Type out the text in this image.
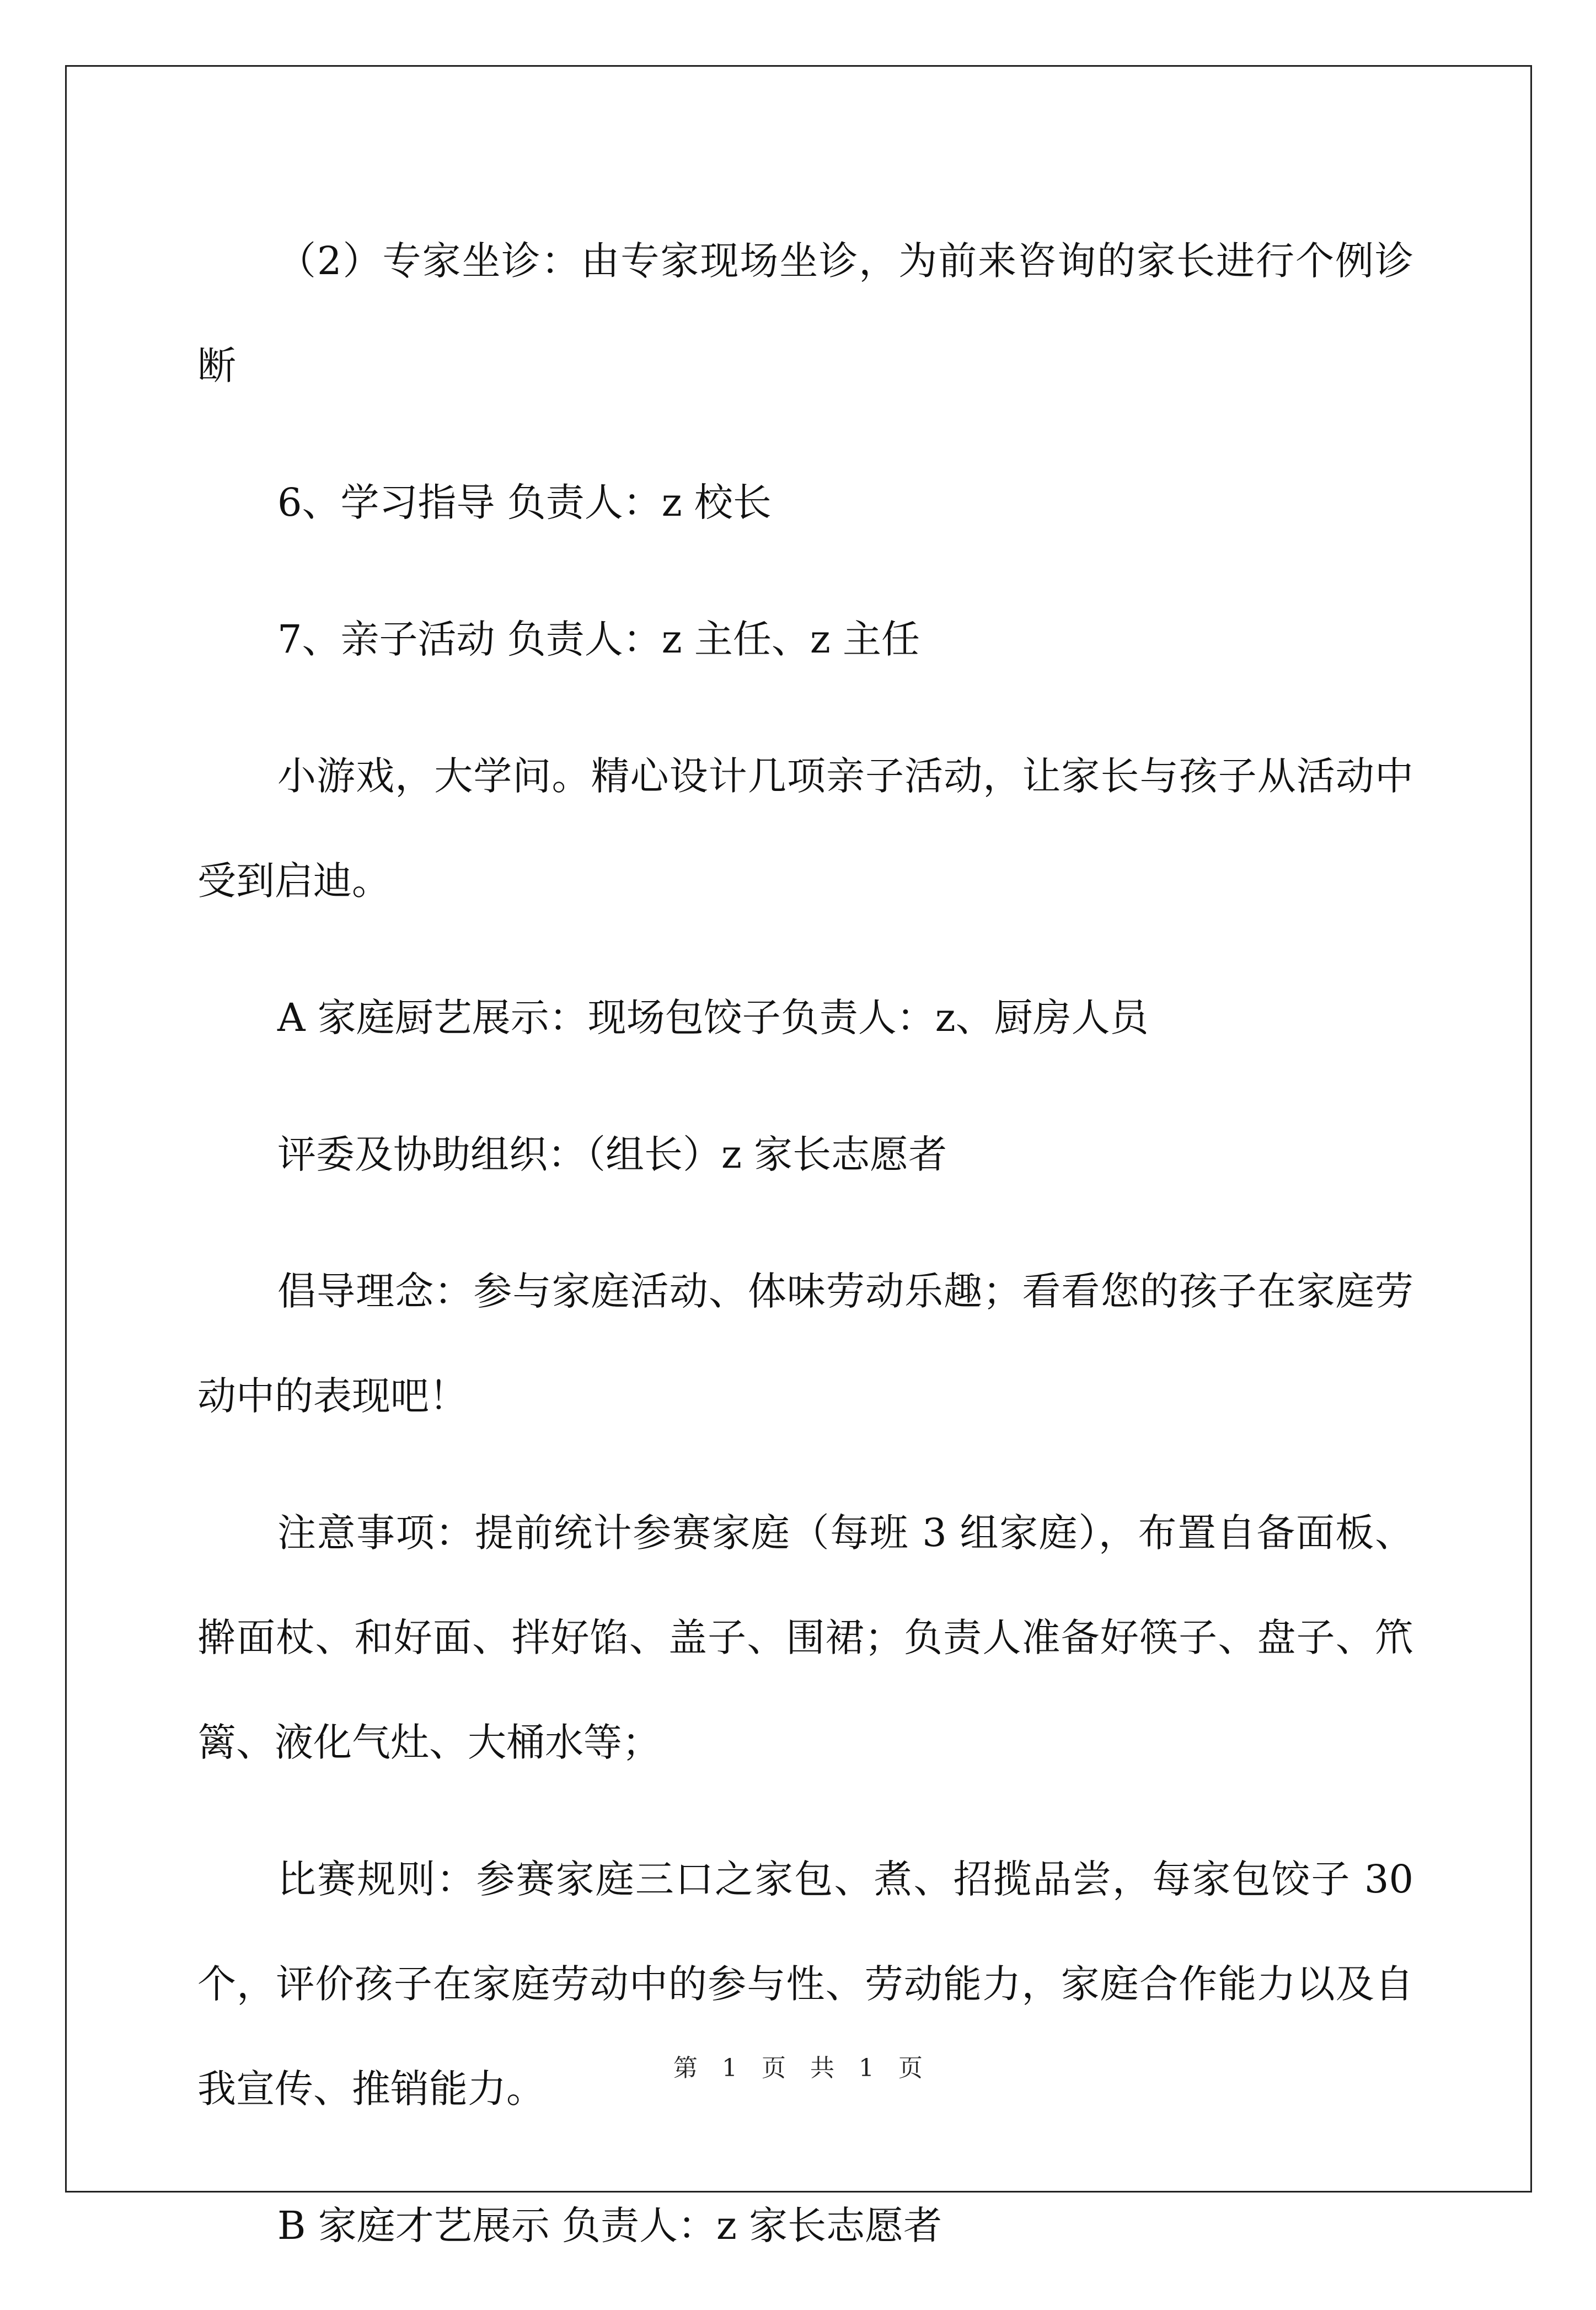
（2）专家坐诊：由专家现场坐诊，为前来咨询的家长进行个例诊断

6、学习指导 负责人：z 校长

7、亲子活动 负责人：z 主任、z 主任

小游戏，大学问。精心设计几项亲子活动，让家长与孩子从活动中受到启迪。

A 家庭厨艺展示：现场包饺子负责人：z、厨房人员

评委及协助组织：（组长）z 家长志愿者

倡导理念：参与家庭活动、体味劳动乐趣；看看您的孩子在家庭劳动中的表现吧！

注意事项：提前统计参赛家庭（每班 3 组家庭），布置自备面板、擀面杖、和好面、拌好馅、盖子、围裙；负责人准备好筷子、盘子、笊篱、液化气灶、大桶水等；

比赛规则：参赛家庭三口之家包、煮、招揽品尝，每家包饺子 30 个，评价孩子在家庭劳动中的参与性、劳动能力，家庭合作能力以及自我宣传、推销能力。

B 家庭才艺展示 负责人：z 家长志愿者

第 1 页　共 1 页
